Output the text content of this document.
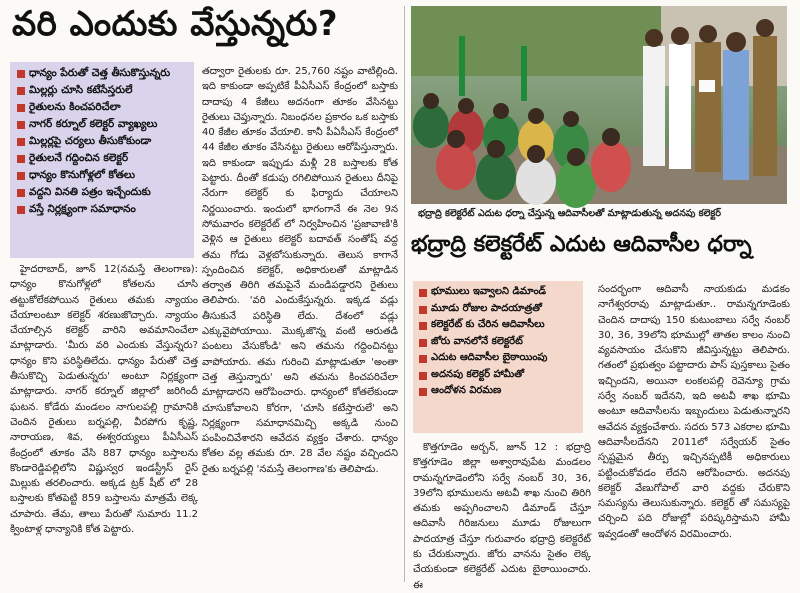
వరి ఎందుకు వేస్తున్నరు?
ధాన్యం పేరుతో చెత్త తీసుకొస్తున్నరు
మిల్లర్లు చూసి కటేసేస్తరులే
రైతులను కించపరిచేలా
నాగర్ కర్నూల్ కలెక్టర్ వ్యాఖ్యలు
మిల్లర్లపై చర్యలు తీసుకోకుండా
రైతులనే గద్దించిన కలెక్టర్
ధాన్యం కొనుగోళ్లలో కోతలు
వద్దని వినతి పత్రం ఇచ్చేందుకు
వస్తే నిర్లక్ష్యంగా సమాధానం

హైదరాబాద్, జూన్ 12(నమస్తే తెలంగాణ): ధాన్యం కొనుగోళ్లలో కోతలను చూసి తట్టుకోలేకపోయిన రైతులు తమకు న్యాయం చేయాలంటూ కలెక్టర్ శరణుజొచ్చారు. న్యాయం చేయాల్సిన కలెక్టర్ వారిని అవమానించేలా మాట్లాడారు. 'మీరు వరి ఎందుకు వేస్తున్నరు? ధాన్యం కొని పరిస్థితిలేదు. ధాన్యం పేరుతో చెత్త తీసుకొచ్చి పెడుతున్నరు' అంటూ నిర్లక్ష్యంగా మాట్లాడారు. నాగర్ కర్నూల్ జిల్లాలో జరిగిందీ ఘటన. కోడేరు మండలం నాగులపల్లి గ్రామానికి చెందిన రైతులు బర్నపల్లి, వీరపోగు కృష్ణ, నారాయణ, శివ, ఈశ్వరయ్యలు పీఏసీఎస్ కేంద్రంలో తూకం వేసి 887 ధాన్యం బస్తాలను కొండారెడ్డిపల్లిలోని విష్ణుస్వర ఇండస్ట్రీస్ రైస్ మిల్లుకు తరలించారు. అక్కడ ట్రక్ షీట్ లో 28 బస్తాలకు కోతపెట్టి 859 బస్తాలను మాత్రమే లెక్క చూపారు. తేమ, తాలు పేరుతో సుమారు 11.2 క్వింటాళ్ల ధాన్యానికి కోత పెట్టారు.

తద్వారా రైతులకు రూ. 25,760 నష్టం వాటిల్లింది. ఇది కాకుండా అప్పటికే పీఏసీఎస్ కేంద్రంలో బస్తాకు దాదాపు 4 కేజీలు అదనంగా తూకం వేసినట్టు రైతులు చెప్తున్నారు. నిబంధనల ప్రకారం ఒక బస్తాకు 40 కేజీల తూకం వేయాలి. కానీ పీఏసీఎస్ కేంద్రంలో 44 కేజీల తూకం వేసినట్టు రైతులు ఆరోపిస్తున్నారు. ఇది కాకుండా ఇప్పుడు మళ్లీ 28 బస్తాలకు కోత పెట్టారు. దీంతో కడుపు రగిలిపోయిన రైతులు దీనిపై నేరుగా కలెక్టర్ కు ఫిర్యాదు చేయాలని నిర్ణయించారు. ఇందులో భాగంగానే ఈ నెల 9న సోమవారం కలెక్టరేట్ లో నిర్వహించిన 'ప్రజావాణి'కి వెళ్లిన ఆ రైతులు కలెక్టర్ బదావత్ సంతోష్ వద్ద తమ గోడు వెళ్లబోసుకున్నారు. తెలుస కాగానే స్పందించిన కలెక్టర్, అధికారులతో మాట్లాడిన తర్వాత తిరిగి తమపైనే మండిపడ్డారని రైతులు తెలిపారు. 'వరి ఎందుకేస్తున్నరు. ఇక్కడ వడ్లు తీసుకునే పరిస్థితి లేదు. దేశంలో వడ్లు ఎక్కువైపోయాయి. మొక్కజొన్న వంటి ఆరుతడి పంటలు వేసుకోండి' అని తమను గద్దించినట్టు వాపోయారు. తమ గురించి మాట్లాడుతూ 'అంతా చెత్త తెస్తున్నారు' అని తమను కించపరిచేలా మాట్లాడారని ఆరోపించారు. ధాన్యంలో కోతలేకుండా చూసుకోవాలని కోరగా, 'చూసి కటేస్తారులే' అని నిర్లక్ష్యంగా సమాధానమిచ్చి అక్కడి నుంచి పంపించివేశారని ఆవేదన వ్యక్తం చేశారు. ధాన్యం కోతల వల్ల తమకు రూ. 28 వేల నష్టం వచ్చిందని రైతు బర్నపల్లి 'నమస్తే తెలంగాణ'కు తెలిపాడు.

భద్రాద్రి కలెక్టరేట్ ఎదుట ధర్నా చేస్తున్న ఆదివాసీలతో మాట్లాడుతున్న అదనపు కలెక్టర్
భద్రాద్రి కలెక్టరేట్ ఎదుట ఆదివాసీల ధర్నా
భూములు ఇవ్వాలని డిమాండ్
మూడు రోజుల పాదయాత్రతో
కలెక్టరేట్ కు చేరిన ఆదివాసీలు
జోరు వానలోనే కలెక్టరేట్
ఎదుట ఆదివాసీల బైఠాయింపు
అదనపు కలెక్టర్ హామీతో
ఆందోళన విరమణ

కొత్తగూడెం అర్బన్, జూన్ 12 : భద్రాద్రి కొత్తగూడెం జిల్లా అశ్వారావుపేట మండలం రామన్నగూడెంలోని సర్వే నంబర్ 30, 36, 39లోని భూములను అటవీ శాఖ నుంచి తిరిగి తమకు అప్పగించాలని డిమాండ్ చేస్తూ ఆదివాసీ గిరిజనులు మూడు రోజులుగా పాదయాత్ర చేస్తూ గురువారం భద్రాద్రి కలెక్టరేట్ కు చేరుకున్నారు. జోరు వానను సైతం లెక్క చేయకుండా కలెక్టరేట్ ఎదుట బైఠాయించారు. ఈ

సందర్భంగా ఆదివాసీ నాయకుడు మడకం నాగేశ్వరరావు మాట్లాడుతూ.. రామన్నగూడెంకు చెందిన దాదాపు 150 కుటుంబాలు సర్వే నంబర్ 30, 36, 39లోని భూముల్లో తాతల కాలం నుంచి వ్యవసాయం చేసుకొని జీవిస్తున్నట్టు తెలిపారు. గతంలో ప్రభుత్వం పట్టాదారు పాస్ పుస్తకాలు సైతం ఇచ్చిందని, అయినా లంకలపల్లి రెవెన్యూ గ్రామ సర్వే నంబర్ ఇదేనని, ఇది అటవీ శాఖ భూమి అంటూ ఆదివాసీలను ఇబ్బందులు పెడుతున్నారని ఆవేదన వ్యక్తంచేశారు. సదరు 573 ఎకరాల భూమి ఆదివాసీలదేనని 2011లో సర్వేయర్ సైతం స్పష్టమైన తీర్పు ఇచ్చినప్పటికీ అధికారులు పట్టించుకోవడం లేదని ఆరోపించారు. అదనపు కలెక్టర్ వేణుగోపాల్ వారి వద్దకు చేరుకొని సమస్యను తెలుసుకున్నారు. కలెక్టర్ తో సమస్యపై చర్చించి పది రోజుల్లో పరిష్కరిస్తామని హామీ ఇవ్వడంతో ఆందోళన విరమించారు.
